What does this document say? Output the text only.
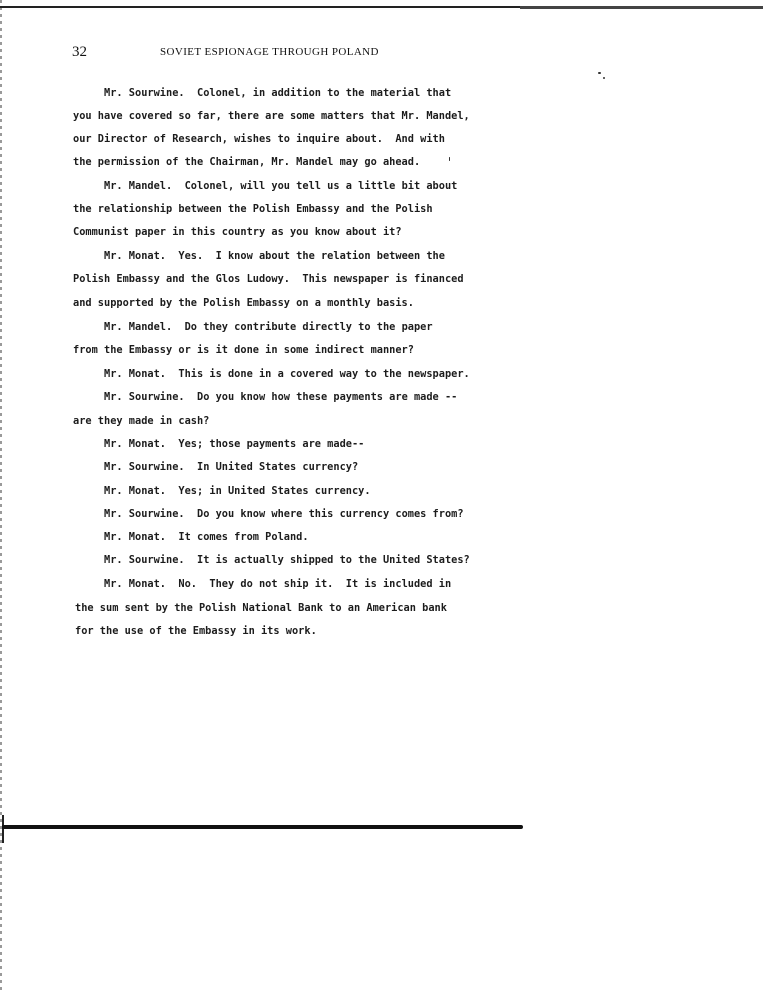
32	SOVIET ESPIONAGE THROUGH POLAND
Mr. Sourwine.  Colonel, in addition to the material that
you have covered so far, there are some matters that Mr. Mandel,
our Director of Research, wishes to inquire about.  And with
the permission of the Chairman, Mr. Mandel may go ahead.
Mr. Mandel.  Colonel, will you tell us a little bit about
the relationship between the Polish Embassy and the Polish
Communist paper in this country as you know about it?
Mr. Monat.  Yes.  I know about the relation between the
Polish Embassy and the Glos Ludowy.  This newspaper is financed
and supported by the Polish Embassy on a monthly basis.
Mr. Mandel.  Do they contribute directly to the paper
from the Embassy or is it done in some indirect manner?
Mr. Monat.  This is done in a covered way to the newspaper.
Mr. Sourwine.  Do you know how these payments are made --
are they made in cash?
Mr. Monat.  Yes; those payments are made--
Mr. Sourwine.  In United States currency?
Mr. Monat.  Yes; in United States currency.
Mr. Sourwine.  Do you know where this currency comes from?
Mr. Monat.  It comes from Poland.
Mr. Sourwine.  It is actually shipped to the United States?
Mr. Monat.  No.  They do not ship it.  It is included in
the sum sent by the Polish National Bank to an American bank
for the use of the Embassy in its work.
